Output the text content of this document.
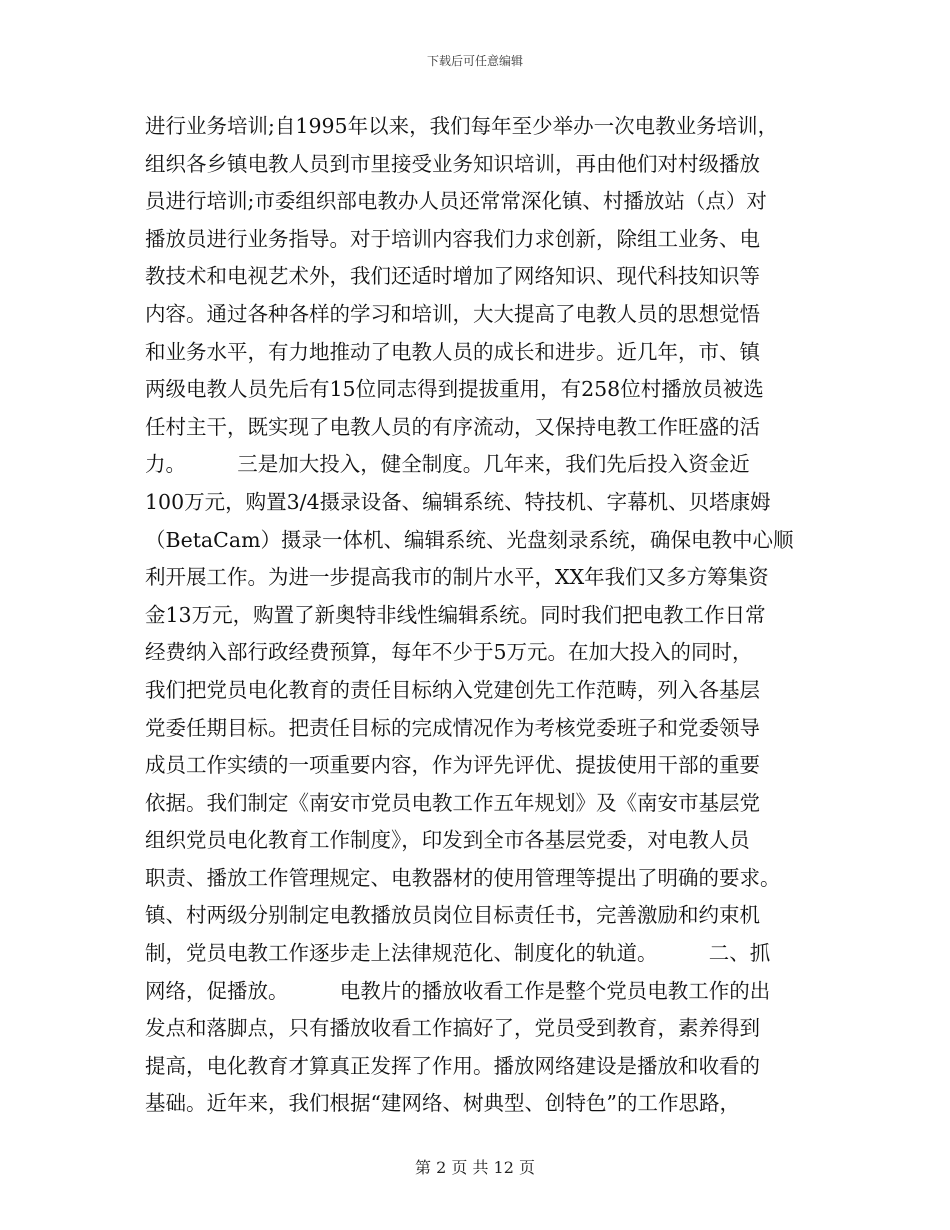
下载后可任意编辑
进行业务培训;自1995年以来，我们每年至少举办一次电教业务培训，
组织各乡镇电教人员到市里接受业务知识培训，再由他们对村级播放
员进行培训;市委组织部电教办人员还常常深化镇、村播放站（点）对
播放员进行业务指导。对于培训内容我们力求创新，除组工业务、电
教技术和电视艺术外，我们还适时增加了网络知识、现代科技知识等
内容。通过各种各样的学习和培训，大大提高了电教人员的思想觉悟
和业务水平，有力地推动了电教人员的成长和进步。近几年，市、镇
两级电教人员先后有15位同志得到提拔重用，有258位村播放员被选
任村主干，既实现了电教人员的有序流动，又保持电教工作旺盛的活
力。　　　三是加大投入，健全制度。几年来，我们先后投入资金近
100万元，购置3/4摄录设备、编辑系统、特技机、字幕机、贝塔康姆
（BetaCam）摄录一体机、编辑系统、光盘刻录系统，确保电教中心顺
利开展工作。为进一步提高我市的制片水平，XX年我们又多方筹集资
金13万元，购置了新奥特非线性编辑系统。同时我们把电教工作日常
经费纳入部行政经费预算，每年不少于5万元。在加大投入的同时，
我们把党员电化教育的责任目标纳入党建创先工作范畴，列入各基层
党委任期目标。把责任目标的完成情况作为考核党委班子和党委领导
成员工作实绩的一项重要内容，作为评先评优、提拔使用干部的重要
依据。我们制定《南安市党员电教工作五年规划》及《南安市基层党
组织党员电化教育工作制度》，印发到全市各基层党委，对电教人员
职责、播放工作管理规定、电教器材的使用管理等提出了明确的要求。
镇、村两级分别制定电教播放员岗位目标责任书，完善激励和约束机
制，党员电教工作逐步走上法律规范化、制度化的轨道。　　　二、抓
网络，促播放。　　　电教片的播放收看工作是整个党员电教工作的出
发点和落脚点，只有播放收看工作搞好了，党员受到教育，素养得到
提高，电化教育才算真正发挥了作用。播放网络建设是播放和收看的
基础。近年来，我们根据“建网络、树典型、创特色”的工作思路，
第 2 页 共 12 页
